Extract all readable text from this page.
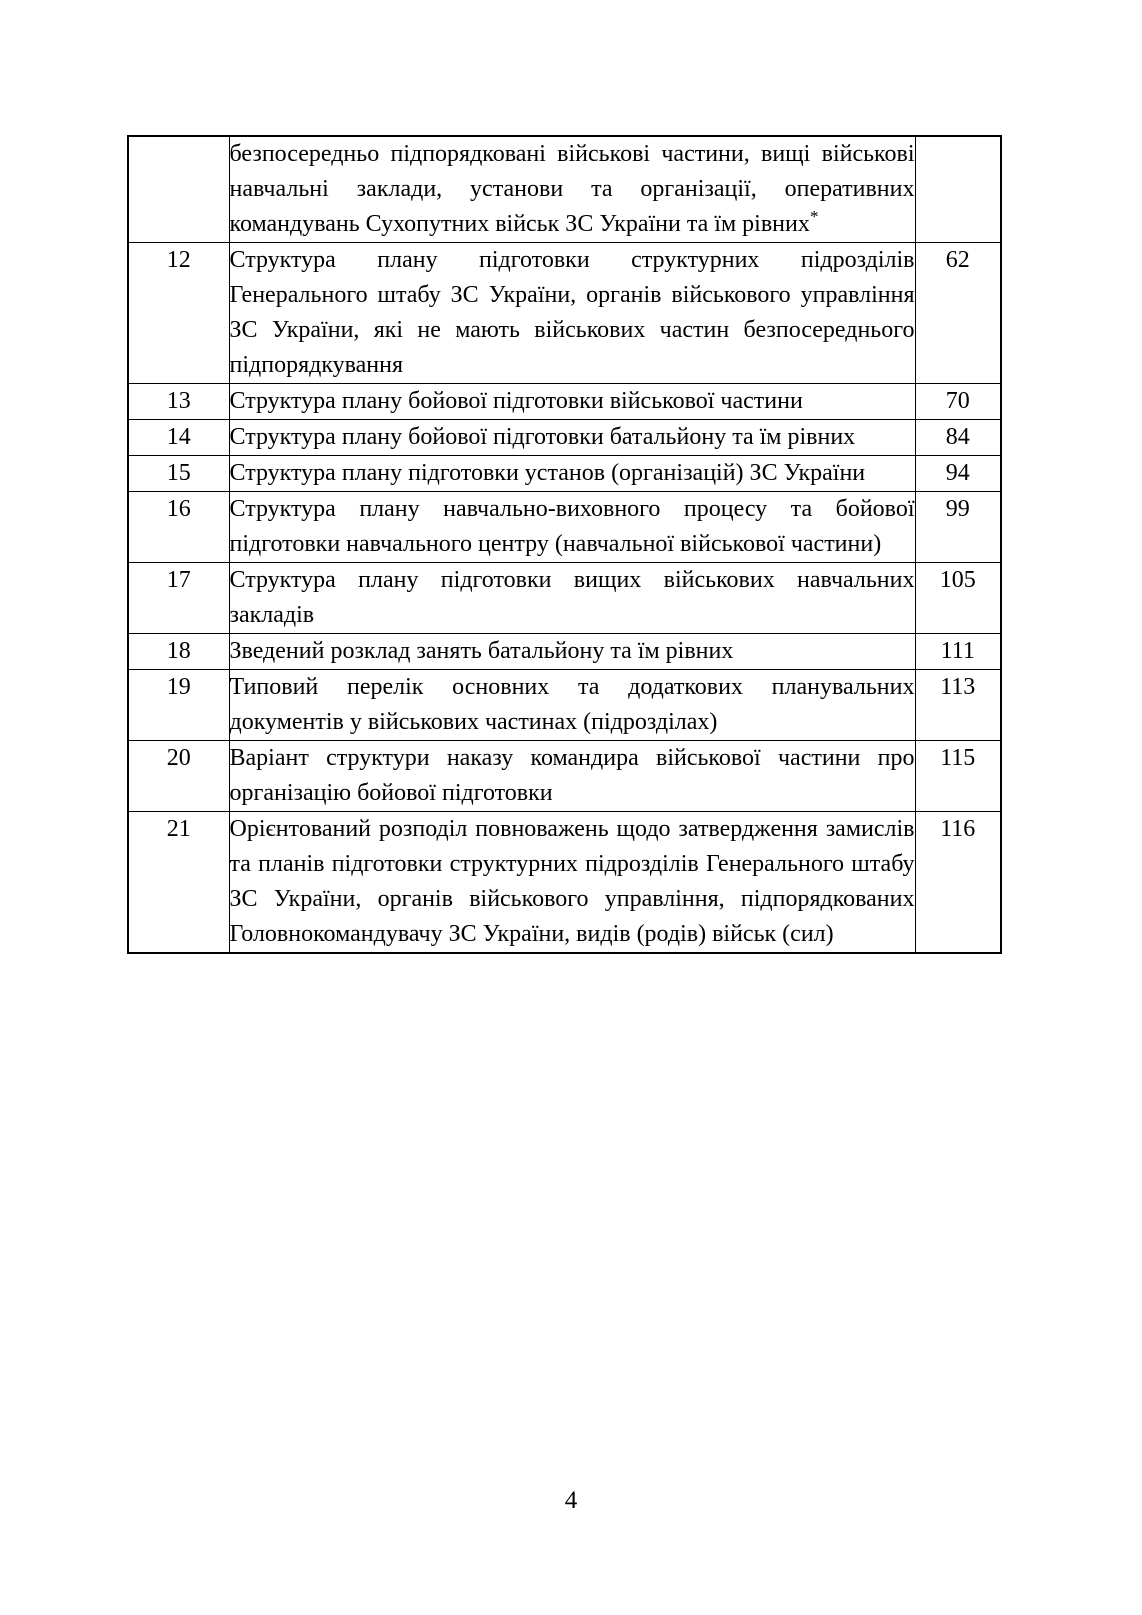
	безпосередньо підпорядковані військові частини, вищі військові навчальні заклади, установи та організації, оперативних командувань Сухопутних військ ЗС України та їм рівних*	
12	Структура плану підготовки структурних підрозділів Генерального штабу ЗС України, органів військового управління ЗС України, які не мають військових частин безпосереднього підпорядкування	62
13	Структура плану бойової підготовки військової частини	70
14	Структура плану бойової підготовки батальйону та їм рівних	84
15	Структура плану підготовки установ (організацій) ЗС України	94
16	Структура плану навчально-виховного процесу та бойової підготовки навчального центру (навчальної військової частини)	99
17	Структура плану підготовки вищих військових навчальних закладів	105
18	Зведений розклад занять батальйону та їм рівних	111
19	Типовий перелік основних та додаткових планувальних документів у військових частинах (підрозділах)	113
20	Варіант структури наказу командира військової частини про організацію бойової підготовки	115
21	Орієнтований розподіл повноважень щодо затвердження замислів та планів підготовки структурних підрозділів Генерального штабу ЗС України, органів військового управління, підпорядкованих Головнокомандувачу ЗС України, видів (родів) військ (сил)	116
4
